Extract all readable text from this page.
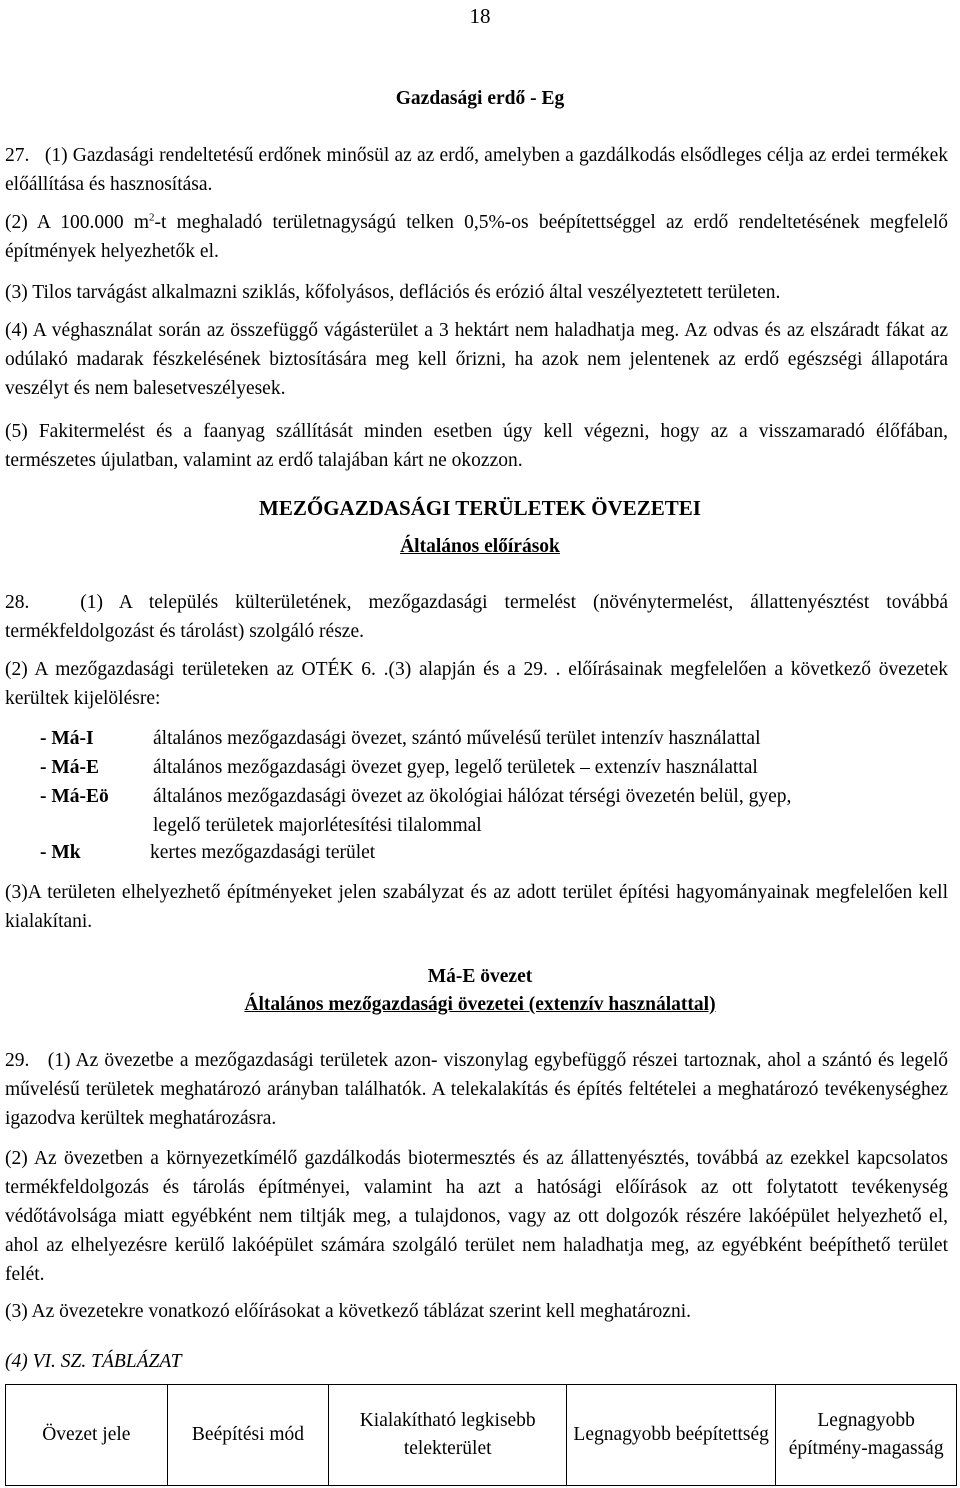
18
Gazdasági erdő - Eg
27. (1) Gazdasági rendeltetésű erdőnek minősül az az erdő, amelyben a gazdálkodás elsődleges célja az erdei termékek előállítása és hasznosítása.
(2) A 100.000 $m^2-t$ meghaladó területnagyságú telken 0,5%-os beépítettséggel az erdő rendeltetésének megfelelő építmények helyezhetők el.
(3) Tilos tarvágást alkalmazni sziklás, kőfolyásos, deflációs és erózió által veszélyeztetett területen.
(4) A véghasználat során az összefüggő vágásterület a 3 hektárt nem haladhatja meg. Az odvas és az elszáradt fákat az odúlakó madarak fészkelésének biztosítására meg kell őrizni, ha azok nem jelentenek az erdő egészségi állapotára veszélyt és nem balesetveszélyesek.
(5) Fakitermelést és a faanyag szállítását minden esetben úgy kell végezni, hogy az a visszamaradó élőfában, természetes újulatban, valamint az erdő talajában kárt ne okozzon.
MEZŐGAZDASÁGI TERÜLETEK ÖVEZETEI
Általános előírások
28.	(1) A település külterületének, mezőgazdasági termelést (növénytermelést, állattenyésztést továbbá termékfeldolgozást és tárolást) szolgáló része.
(2) A mezőgazdasági területeken az OTÉK 6. .(3) alapján és a 29. . előírásainak megfelelően a következő övezetek kerültek kijelölésre:
- Má-I	általános mezőgazdasági övezet, szántó művelésű terület intenzív használattal
- Má-E	általános mezőgazdasági övezet gyep, legelő területek – extenzív használattal
- Má-Eö általános mezőgazdasági övezet az ökológiai hálózat térségi övezetén belül, gyep,
legelő területek majorlétesítési tilalommal
- Mk	kertes mezőgazdasági terület
(3)A területen elhelyezhető építményeket jelen szabályzat és az adott terület építési hagyományainak megfelelően kell kialakítani.
Má-E övezet
Általános mezőgazdasági övezetei (extenzív használattal)
29. (1) Az övezetbe a mezőgazdasági területek azon- viszonylag egybefüggő részei tartoznak, ahol a szántó és legelő művelésű területek meghatározó arányban találhatók. A telekalakítás és építés feltételei a meghatározó tevékenységhez igazodva kerültek meghatározásra.
(2) Az övezetben a környezetkímélő gazdálkodás biotermesztés és az állattenyésztés, továbbá az ezekkel kapcsolatos termékfeldolgozás és tárolás építményei, valamint ha azt a hatósági előírások az ott folytatott tevékenység védőtávolsága miatt egyébként nem tiltják meg, a tulajdonos, vagy az ott dolgozók részére lakóépület helyezhető el, ahol az elhelyezésre kerülő lakóépület számára szolgáló terület nem haladhatja meg, az egyébként beépíthető terület felét.
(3) Az övezetekre vonatkozó előírásokat a következő táblázat szerint kell meghatározni.
(4) VI. SZ. TÁBLÁZAT
Övezet jele	Beépítési mód	Kialakítható legkisebb telekterület	Legnagyobb beépítettség	Legnagyobb építmény-magasság
